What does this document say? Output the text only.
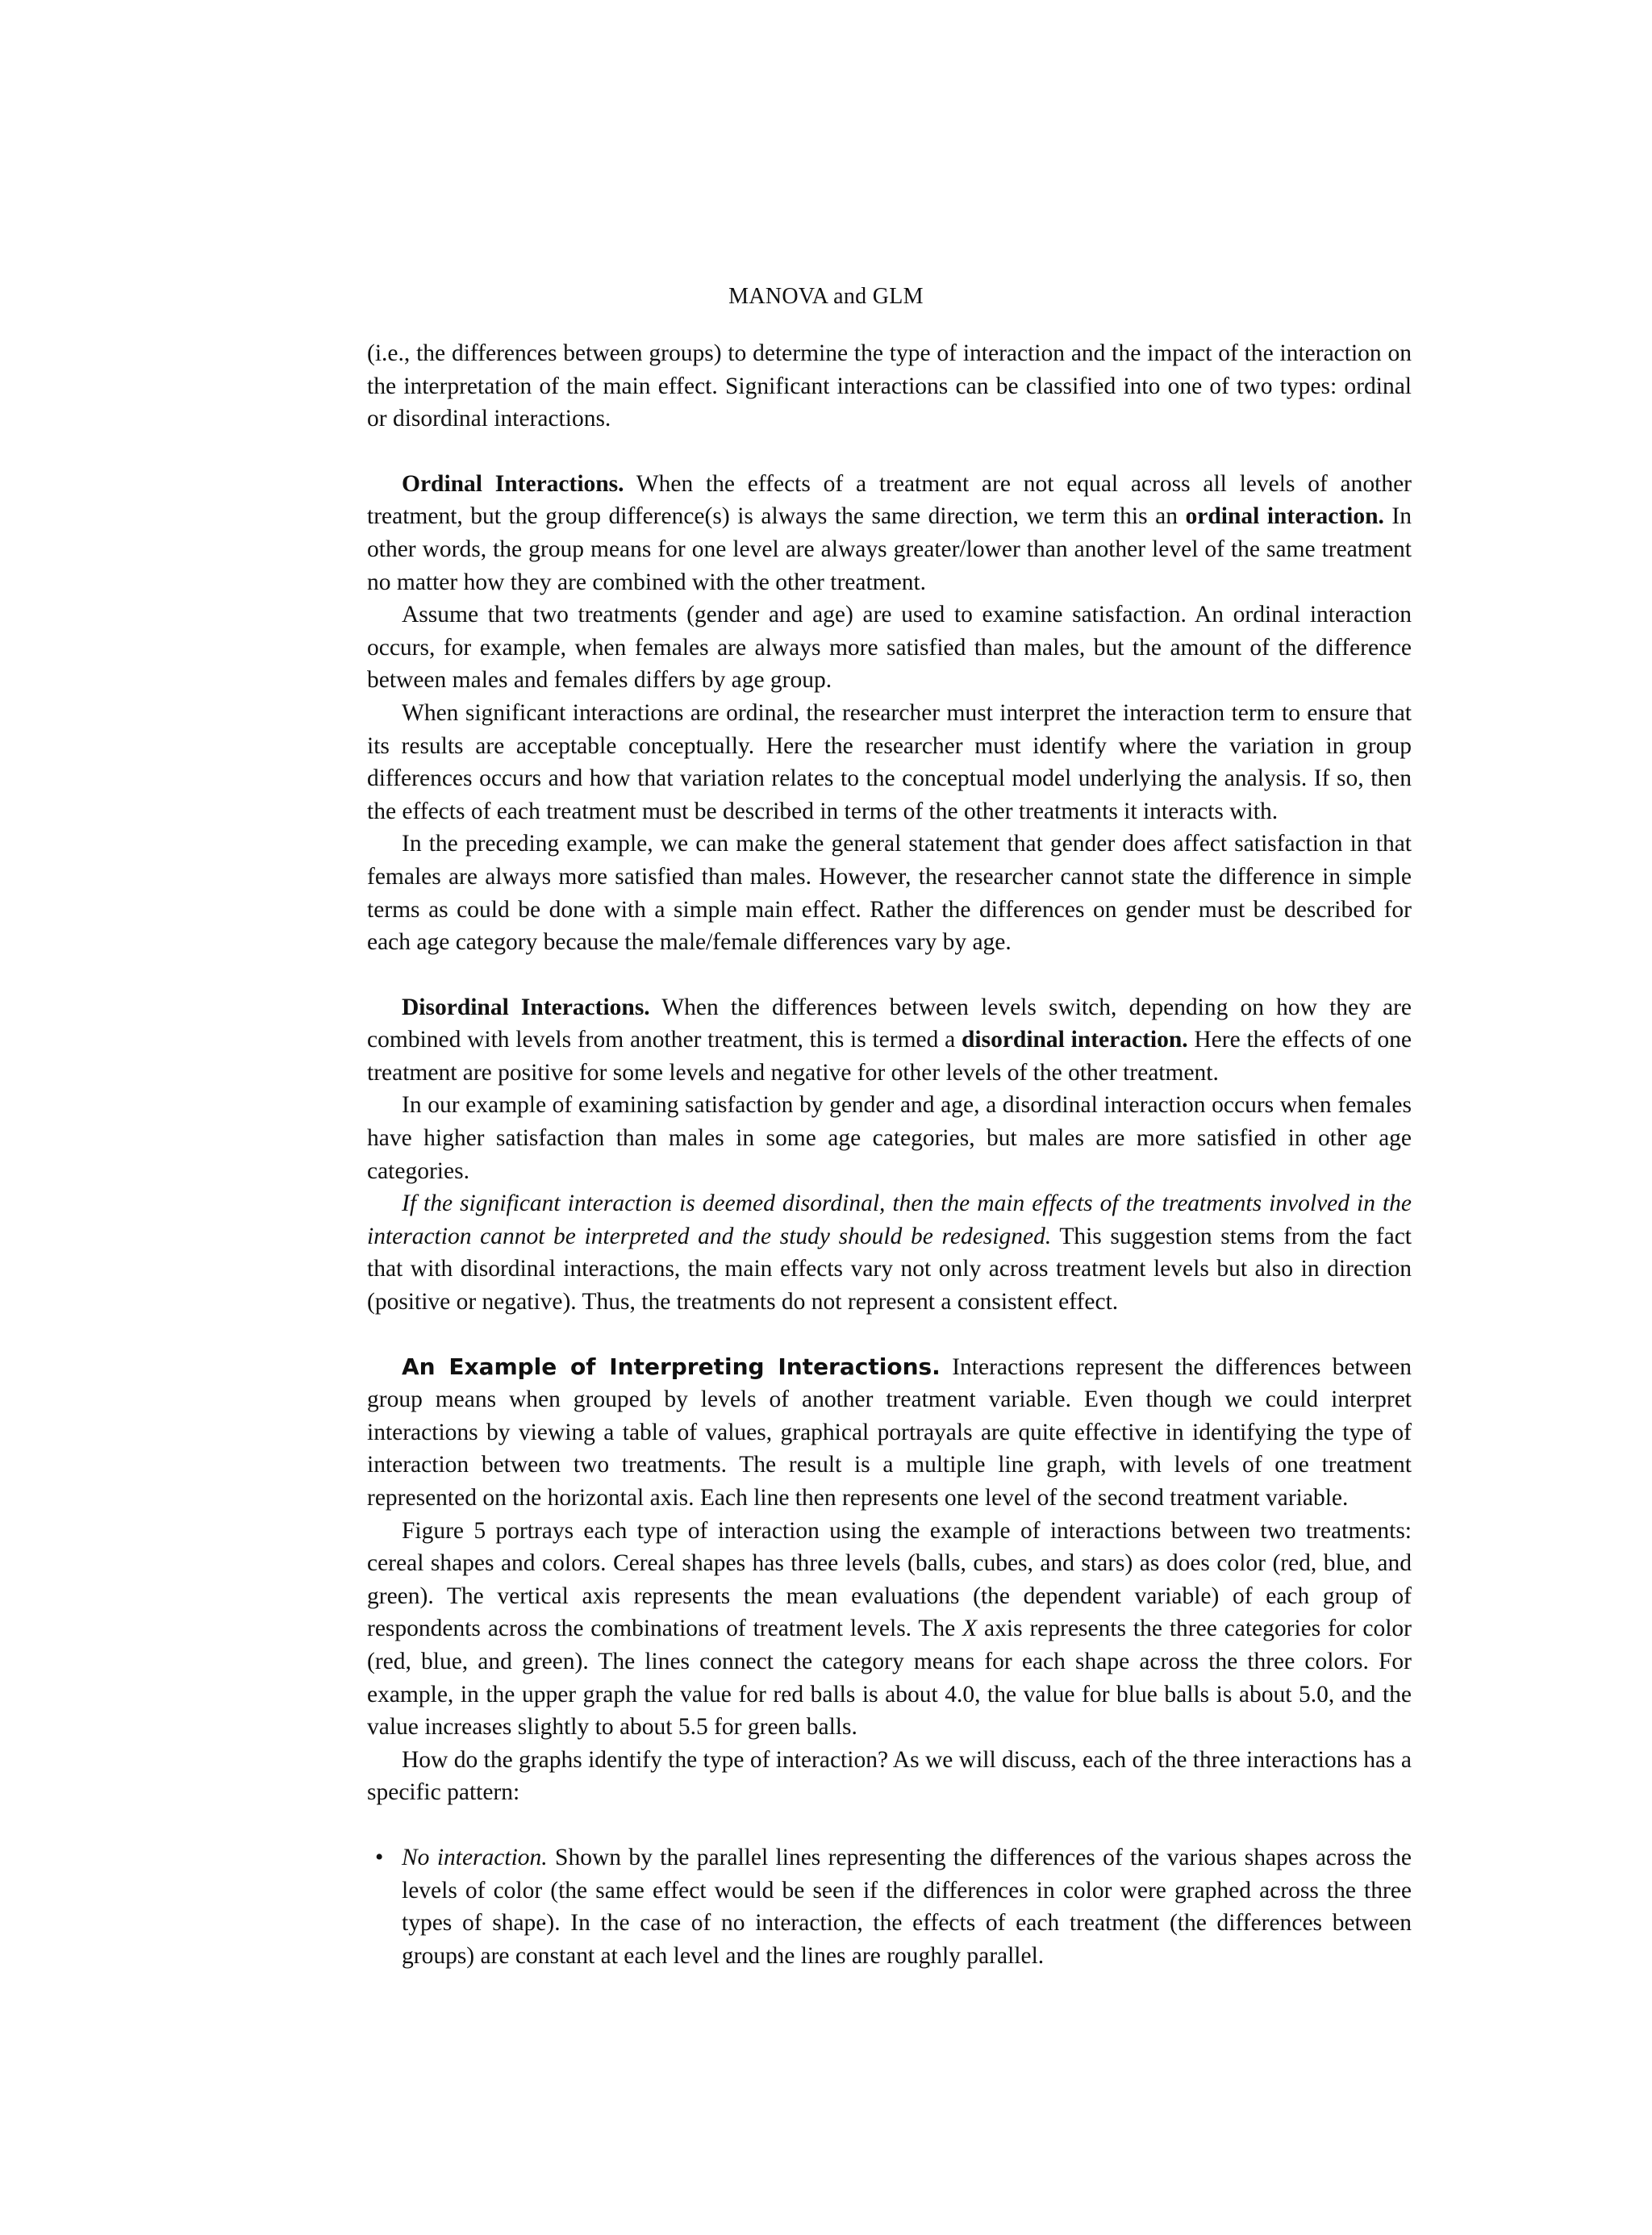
MANOVA and GLM

(i.e., the differences between groups) to determine the type of interaction and the impact of the interaction on the interpretation of the main effect. Significant interactions can be classified into one of two types: ordinal or disordinal interactions.

Ordinal Interactions. When the effects of a treatment are not equal across all levels of another treatment, but the group difference(s) is always the same direction, we term this an ordinal interaction. In other words, the group means for one level are always greater/lower than another level of the same treatment no matter how they are combined with the other treatment.

Assume that two treatments (gender and age) are used to examine satisfaction. An ordinal interaction occurs, for example, when females are always more satisfied than males, but the amount of the difference between males and females differs by age group.

When significant interactions are ordinal, the researcher must interpret the interaction term to ensure that its results are acceptable conceptually. Here the researcher must identify where the variation in group differences occurs and how that variation relates to the conceptual model underlying the analysis. If so, then the effects of each treatment must be described in terms of the other treatments it interacts with.

In the preceding example, we can make the general statement that gender does affect satisfaction in that females are always more satisfied than males. However, the researcher cannot state the difference in simple terms as could be done with a simple main effect. Rather the differences on gender must be described for each age category because the male/female differences vary by age.

Disordinal Interactions. When the differences between levels switch, depending on how they are combined with levels from another treatment, this is termed a disordinal interaction. Here the effects of one treatment are positive for some levels and negative for other levels of the other treatment.

In our example of examining satisfaction by gender and age, a disordinal interaction occurs when females have higher satisfaction than males in some age categories, but males are more satisfied in other age categories.

If the significant interaction is deemed disordinal, then the main effects of the treatments involved in the interaction cannot be interpreted and the study should be redesigned. This suggestion stems from the fact that with disordinal interactions, the main effects vary not only across treatment levels but also in direction (positive or negative). Thus, the treatments do not represent a consistent effect.

An Example of Interpreting Interactions. Interactions represent the differences between group means when grouped by levels of another treatment variable. Even though we could interpret interactions by viewing a table of values, graphical portrayals are quite effective in identifying the type of interaction between two treatments. The result is a multiple line graph, with levels of one treatment represented on the horizontal axis. Each line then represents one level of the second treatment variable.

Figure 5 portrays each type of interaction using the example of interactions between two treatments: cereal shapes and colors. Cereal shapes has three levels (balls, cubes, and stars) as does color (red, blue, and green). The vertical axis represents the mean evaluations (the dependent variable) of each group of respondents across the combinations of treatment levels. The X axis represents the three categories for color (red, blue, and green). The lines connect the category means for each shape across the three colors. For example, in the upper graph the value for red balls is about 4.0, the value for blue balls is about 5.0, and the value increases slightly to about 5.5 for green balls.

How do the graphs identify the type of interaction? As we will discuss, each of the three interactions has a specific pattern:

• No interaction. Shown by the parallel lines representing the differences of the various shapes across the levels of color (the same effect would be seen if the differences in color were graphed across the three types of shape). In the case of no interaction, the effects of each treatment (the differences between groups) are constant at each level and the lines are roughly parallel.
